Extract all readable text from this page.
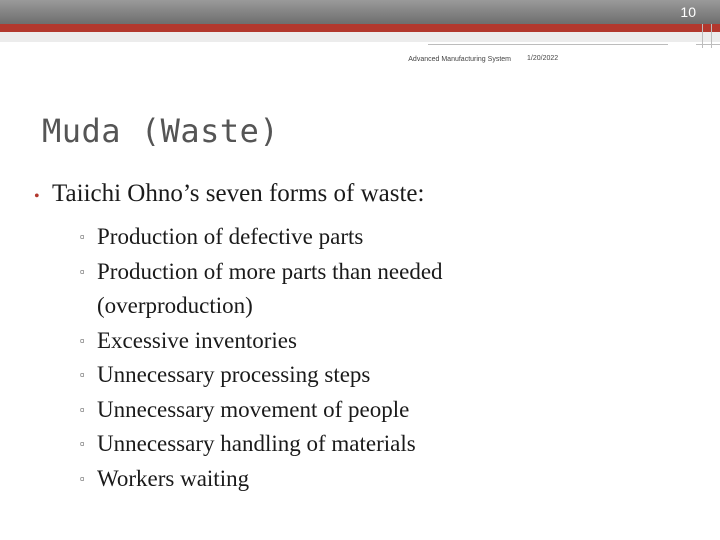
10
Advanced Manufacturing System 1/20/2022
Muda (Waste)
• Taiichi Ohno’s seven forms of waste:
▫ Production of defective parts
▫ Production of more parts than needed (overproduction)
▫ Excessive inventories
▫ Unnecessary processing steps
▫ Unnecessary movement of people
▫ Unnecessary handling of materials
▫ Workers waiting
